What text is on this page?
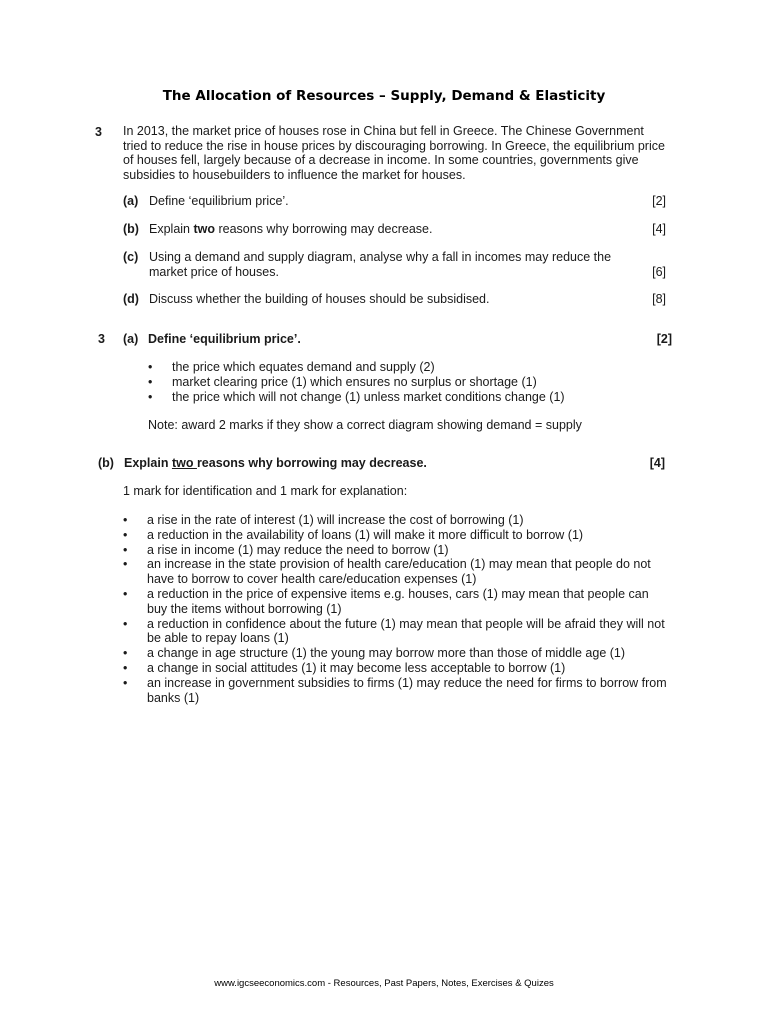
The Allocation of Resources – Supply, Demand & Elasticity
3 In 2013, the market price of houses rose in China but fell in Greece. The Chinese Government tried to reduce the rise in house prices by discouraging borrowing. In Greece, the equilibrium price of houses fell, largely because of a decrease in income. In some countries, governments give subsidies to housebuilders to influence the market for houses.
(a) Define ‘equilibrium price’.	[2]
(b) Explain two reasons why borrowing may decrease.	[4]
(c) Using a demand and supply diagram, analyse why a fall in incomes may reduce the market price of houses.	[6]
(d) Discuss whether the building of houses should be subsidised.	[8]
3 (a) Define ‘equilibrium price’.	[2]
• the price which equates demand and supply (2)
• market clearing price (1) which ensures no surplus or shortage (1)
• the price which will not change (1) unless market conditions change (1)
Note: award 2 marks if they show a correct diagram showing demand = supply
(b) Explain two reasons why borrowing may decrease.	[4]
1 mark for identification and 1 mark for explanation:
• a rise in the rate of interest (1) will increase the cost of borrowing (1)
• a reduction in the availability of loans (1) will make it more difficult to borrow (1)
• a rise in income (1) may reduce the need to borrow (1)
• an increase in the state provision of health care/education (1) may mean that people do not have to borrow to cover health care/education expenses (1)
• a reduction in the price of expensive items e.g. houses, cars (1) may mean that people can buy the items without borrowing (1)
• a reduction in confidence about the future (1) may mean that people will be afraid they will not be able to repay loans (1)
• a change in age structure (1) the young may borrow more than those of middle age (1)
• a change in social attitudes (1) it may become less acceptable to borrow (1)
• an increase in government subsidies to firms (1) may reduce the need for firms to borrow from banks (1)
www.igcseeconomics.com - Resources, Past Papers, Notes, Exercises & Quizes
